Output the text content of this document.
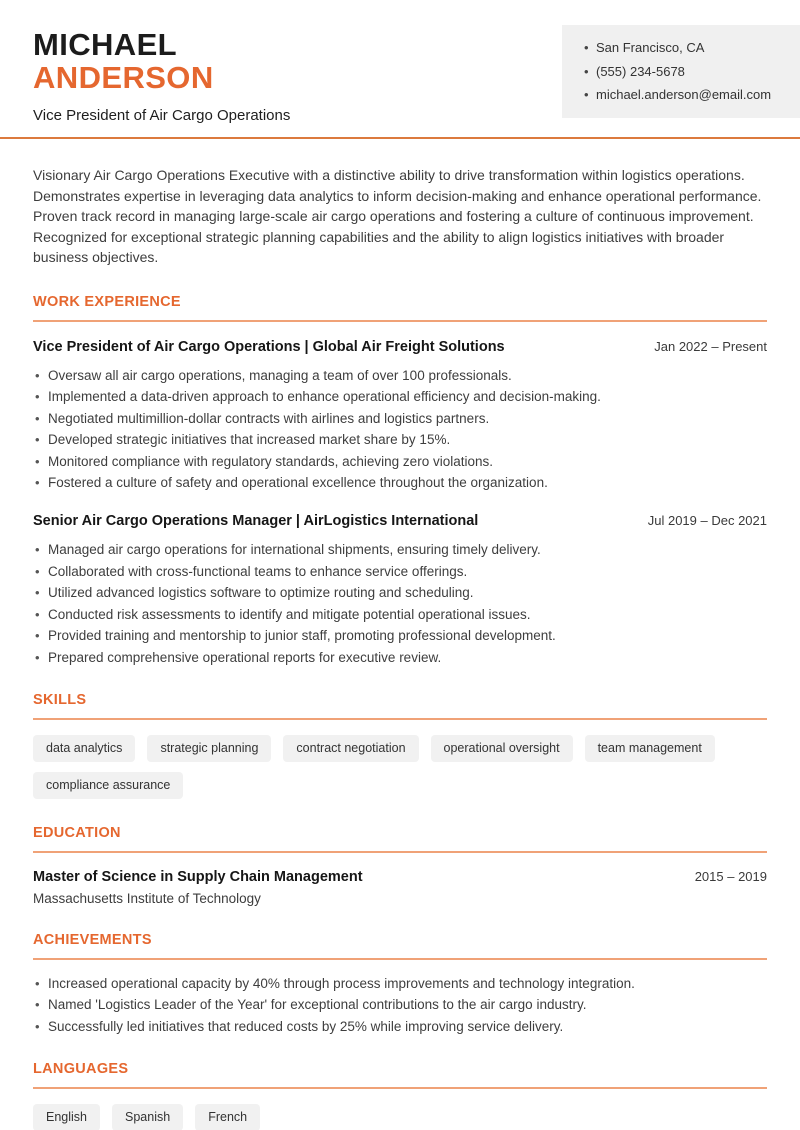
MICHAEL
ANDERSON

Vice President of Air Cargo Operations

• San Francisco, CA
• (555) 234-5678
• michael.anderson@email.com

Visionary Air Cargo Operations Executive with a distinctive ability to drive transformation within logistics operations. Demonstrates expertise in leveraging data analytics to inform decision-making and enhance operational performance. Proven track record in managing large-scale air cargo operations and fostering a culture of continuous improvement. Recognized for exceptional strategic planning capabilities and the ability to align logistics initiatives with broader business objectives.

WORK EXPERIENCE
Vice President of Air Cargo Operations | Global Air Freight Solutions	Jan 2022 – Present
• Oversaw all air cargo operations, managing a team of over 100 professionals.
• Implemented a data-driven approach to enhance operational efficiency and decision-making.
• Negotiated multimillion-dollar contracts with airlines and logistics partners.
• Developed strategic initiatives that increased market share by 15%.
• Monitored compliance with regulatory standards, achieving zero violations.
• Fostered a culture of safety and operational excellence throughout the organization.
Senior Air Cargo Operations Manager | AirLogistics International	Jul 2019 – Dec 2021
• Managed air cargo operations for international shipments, ensuring timely delivery.
• Collaborated with cross-functional teams to enhance service offerings.
• Utilized advanced logistics software to optimize routing and scheduling.
• Conducted risk assessments to identify and mitigate potential operational issues.
• Provided training and mentorship to junior staff, promoting professional development.
• Prepared comprehensive operational reports for executive review.
SKILLS
data analytics	strategic planning	contract negotiation	operational oversight	team management
compliance assurance
EDUCATION
Master of Science in Supply Chain Management	2015 – 2019

Massachusetts Institute of Technology

ACHIEVEMENTS
• Increased operational capacity by 40% through process improvements and technology integration.
• Named 'Logistics Leader of the Year' for exceptional contributions to the air cargo industry.
• Successfully led initiatives that reduced costs by 25% while improving service delivery.
LANGUAGES
English	Spanish	French
